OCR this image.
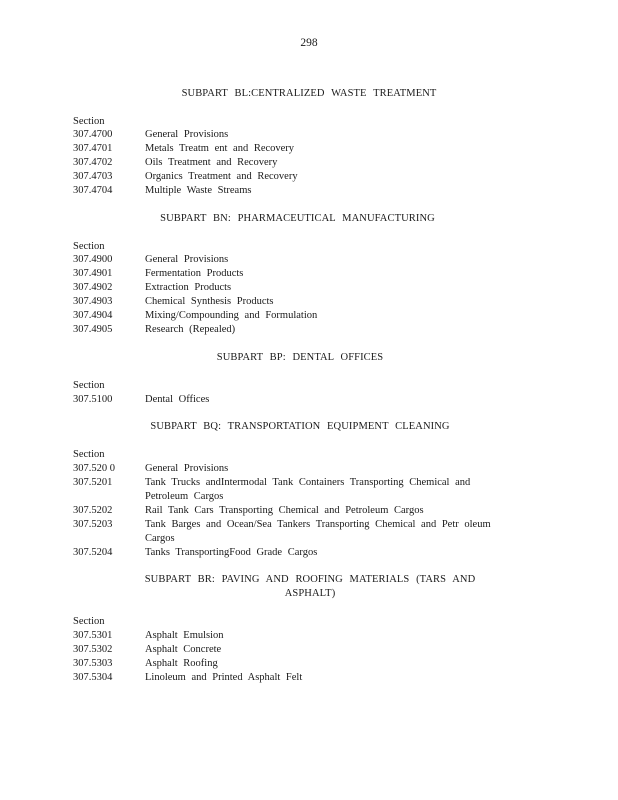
298
SUBPART BL:CENTRALIZED WASTE TREATMENT
Section
307.4700	General Provisions
307.4701	Metals Treatm ent and Recovery
307.4702	Oils Treatment and Recovery
307.4703	Organics Treatment and Recovery
307.4704	Multiple Waste Streams
SUBPART BN: PHARMACEUTICAL MANUFACTURING
Section
307.4900	General Provisions
307.4901	Fermentation Products
307.4902	Extraction Products
307.4903	Chemical Synthesis Products
307.4904	Mixing/Compounding and Formulation
307.4905	Research (Repealed)
SUBPART BP: DENTAL OFFICES
Section
307.5100	Dental Offices
SUBPART BQ: TRANSPORTATION EQUIPMENT CLEANING
Section
307.520 0	General Provisions
307.5201	Tank Trucks andIntermodal Tank Containers Transporting Chemical and Petroleum Cargos
307.5202	Rail Tank Cars Transporting Chemical and Petroleum Cargos
307.5203	Tank Barges and Ocean/Sea Tankers Transporting Chemical and Petr oleum Cargos
307.5204	Tanks TransportingFood Grade Cargos
SUBPART BR: PAVING AND ROOFING MATERIALS (TARS AND ASPHALT)
Section
307.5301	Asphalt Emulsion
307.5302	Asphalt Concrete
307.5303	Asphalt Roofing
307.5304	Linoleum and Printed Asphalt Felt
